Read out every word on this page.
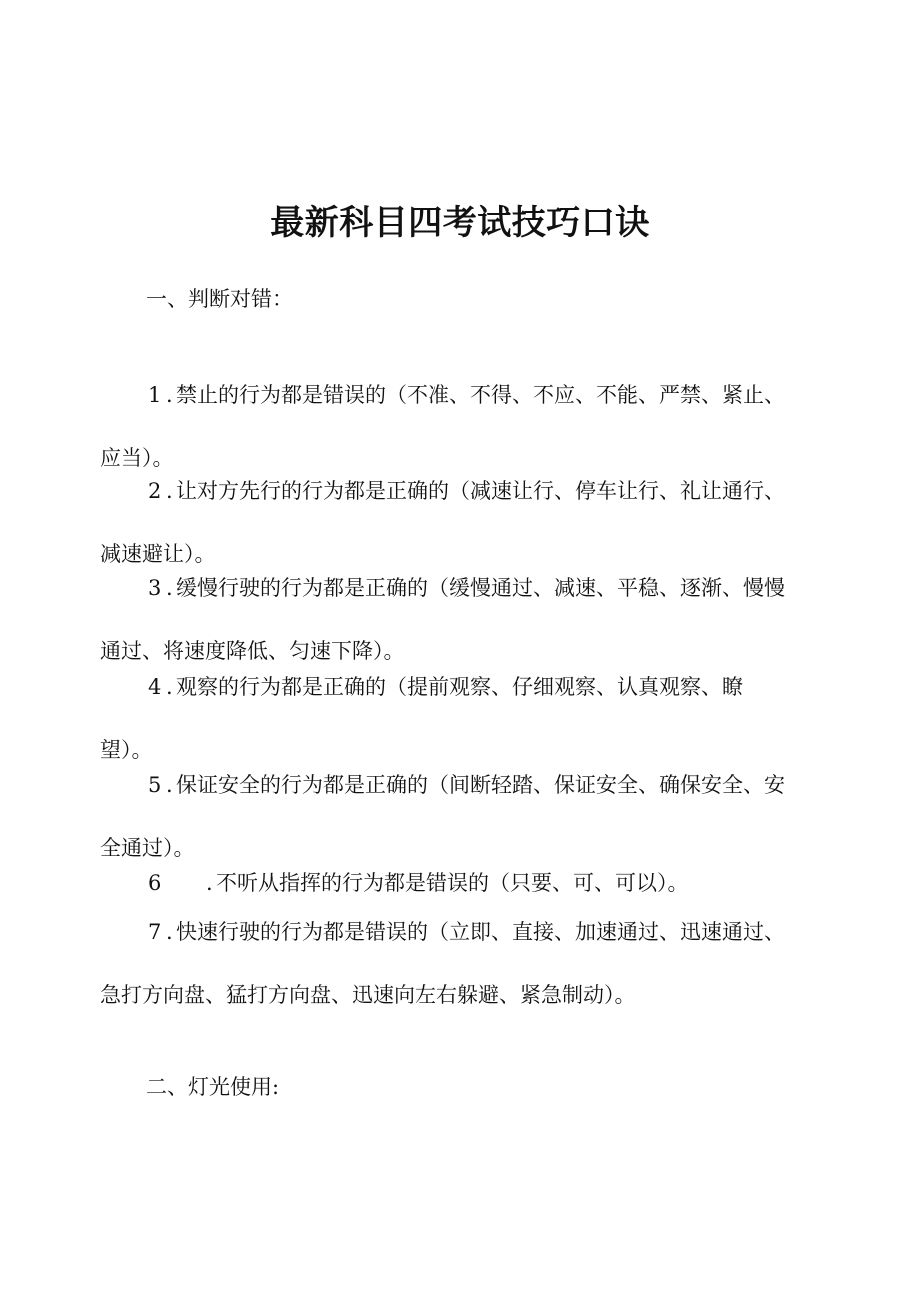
最新科目四考试技巧口诀
一、判断对错：
1 . 禁止的行为都是错误的（不准、不得、不应、不能、严禁、紧止、
应当）。
2 . 让对方先行的行为都是正确的（减速让行、停车让行、礼让通行、
减速避让）。
3 . 缓慢行驶的行为都是正确的（缓慢通过、减速、平稳、逐渐、慢慢
通过、将速度降低、匀速下降）。
4 . 观察的行为都是正确的（提前观察、仔细观察、认真观察、瞭
望）。
5 . 保证安全的行为都是正确的（间断轻踏、保证安全、确保安全、安
全通过）。
6 . 不听从指挥的行为都是错误的（只要、可、可以）。
7 . 快速行驶的行为都是错误的（立即、直接、加速通过、迅速通过、
急打方向盘、猛打方向盘、迅速向左右躲避、紧急制动）。
二、灯光使用:
